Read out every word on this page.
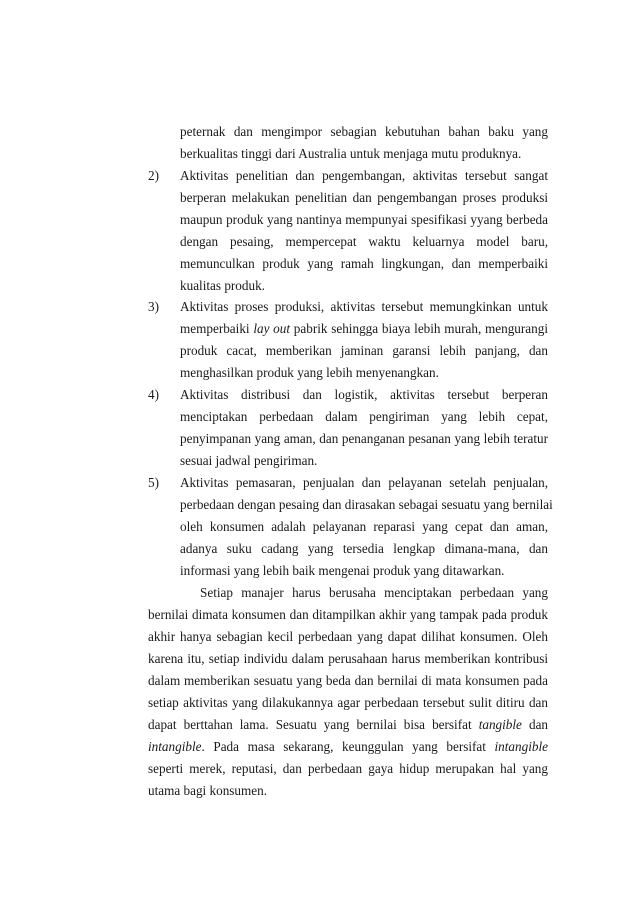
peternak dan mengimpor sebagian kebutuhan bahan baku yang
berkualitas tinggi dari Australia untuk menjaga mutu produknya.
2) Aktivitas penelitian dan pengembangan, aktivitas tersebut sangat
berperan melakukan penelitian dan pengembangan proses produksi
maupun produk yang nantinya mempunyai spesifikasi yyang berbeda
dengan pesaing, mempercepat waktu keluarnya model baru,
memunculkan produk yang ramah lingkungan, dan memperbaiki
kualitas produk.
3) Aktivitas proses produksi, aktivitas tersebut memungkinkan untuk
memperbaiki lay out pabrik sehingga biaya lebih murah, mengurangi
produk cacat, memberikan jaminan garansi lebih panjang, dan
menghasilkan produk yang lebih menyenangkan.
4) Aktivitas distribusi dan logistik, aktivitas tersebut berperan
menciptakan perbedaan dalam pengiriman yang lebih cepat,
penyimpanan yang aman, dan penanganan pesanan yang lebih teratur
sesuai jadwal pengiriman.
5) Aktivitas pemasaran, penjualan dan pelayanan setelah penjualan,
perbedaan dengan pesaing dan dirasakan sebagai sesuatu yang bernilai
oleh konsumen adalah pelayanan reparasi yang cepat dan aman,
adanya suku cadang yang tersedia lengkap dimana-mana, dan
informasi yang lebih baik mengenai produk yang ditawarkan.
Setiap manajer harus berusaha menciptakan perbedaan yang
bernilai dimata konsumen dan ditampilkan akhir yang tampak pada produk
akhir hanya sebagian kecil perbedaan yang dapat dilihat konsumen. Oleh
karena itu, setiap individu dalam perusahaan harus memberikan kontribusi
dalam memberikan sesuatu yang beda dan bernilai di mata konsumen pada
setiap aktivitas yang dilakukannya agar perbedaan tersebut sulit ditiru dan
dapat berttahan lama. Sesuatu yang bernilai bisa bersifat tangible dan
intangible. Pada masa sekarang, keunggulan yang bersifat intangible
seperti merek, reputasi, dan perbedaan gaya hidup merupakan hal yang
utama bagi konsumen.
